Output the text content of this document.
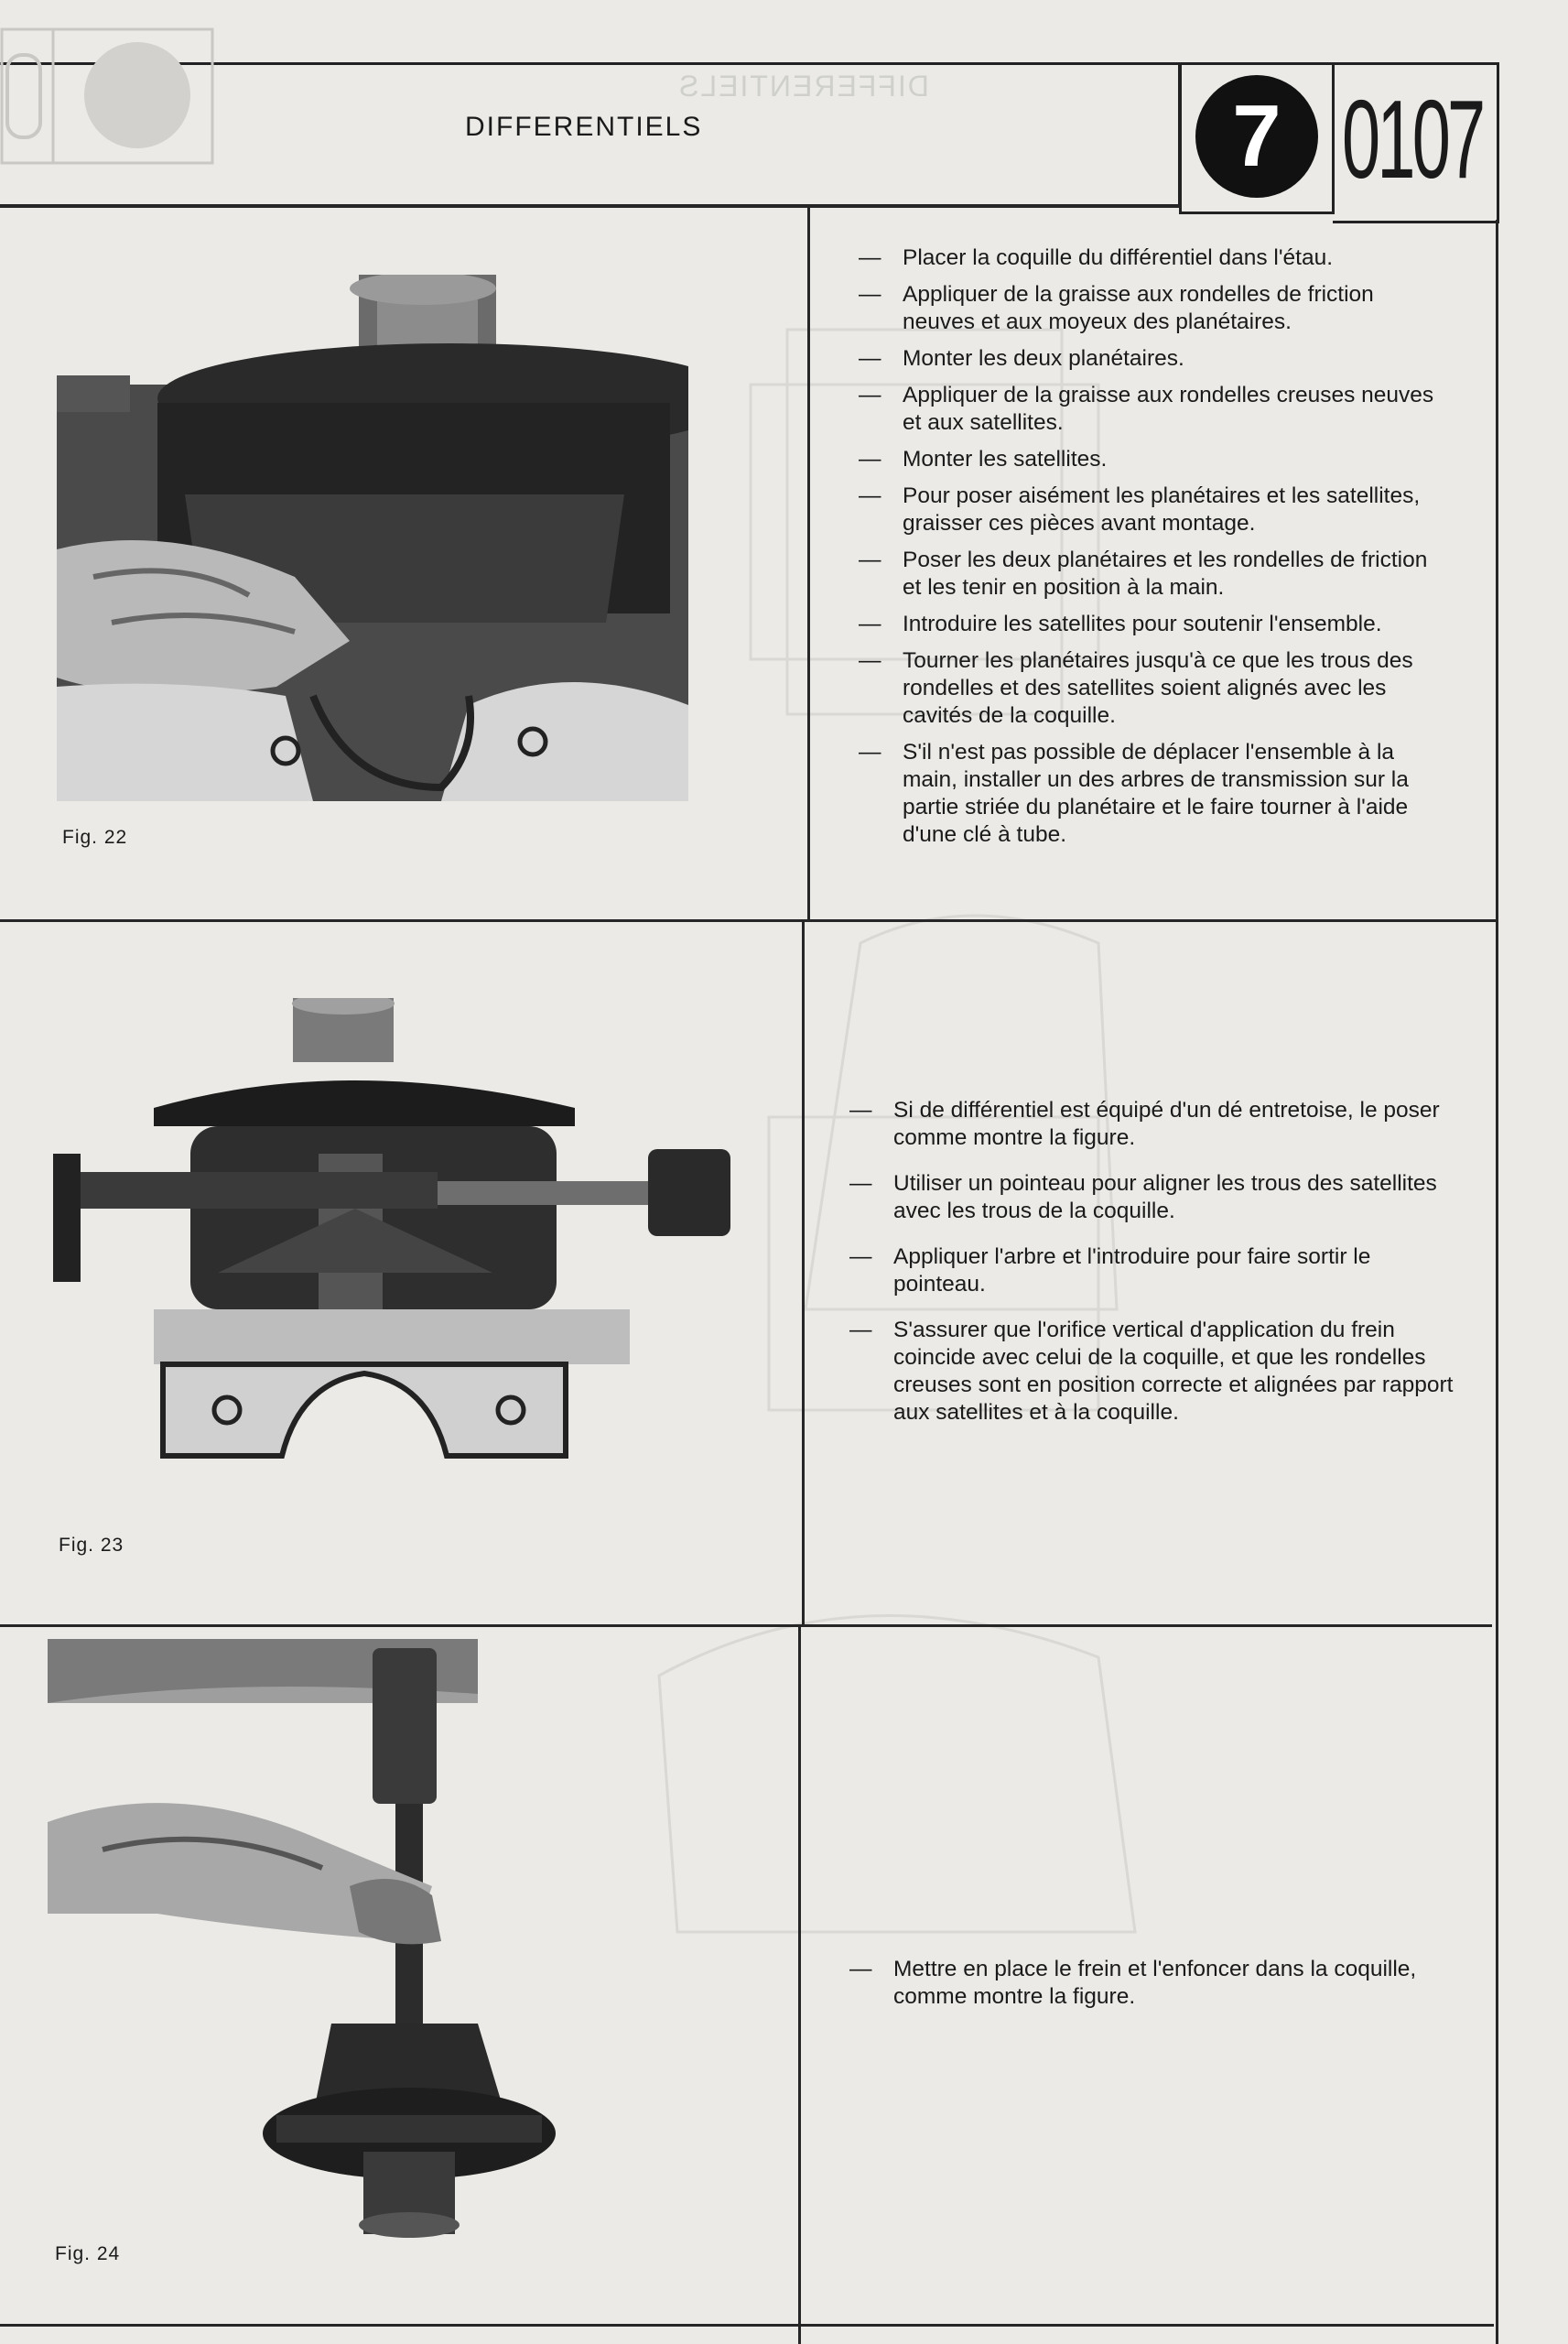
DIFFERENTIELS
DIFFERENTIELS	7 0107
Fig. 22
— Placer la coquille du différentiel dans l'étau.
— Appliquer de la graisse aux rondelles de friction neuves et aux moyeux des planétaires.
— Monter les deux planétaires.
— Appliquer de la graisse aux rondelles creuses neuves et aux satellites.
— Monter les satellites.
— Pour poser aisément les planétaires et les satellites, graisser ces pièces avant montage.
— Poser les deux planétaires et les rondelles de friction et les tenir en position à la main.
— Introduire les satellites pour soutenir l'ensemble.
— Tourner les planétaires jusqu'à ce que les trous des rondelles et des satellites soient alignés avec les cavités de la coquille.
— S'il n'est pas possible de déplacer l'ensemble à la main, installer un des arbres de transmission sur la partie striée du planétaire et le faire tourner à l'aide d'une clé à tube.
Fig. 23
— Si de différentiel est équipé d'un dé entretoise, le poser comme montre la figure.
— Utiliser un pointeau pour aligner les trous des satellites avec les trous de la coquille.
— Appliquer l'arbre et l'introduire pour faire sortir le pointeau.
— S'assurer que l'orifice vertical d'application du frein coincide avec celui de la coquille, et que les rondelles creuses sont en position correcte et alignées par rapport aux satellites et à la coquille.
Fig. 24
— Mettre en place le frein et l'enfoncer dans la coquille, comme montre la figure.
